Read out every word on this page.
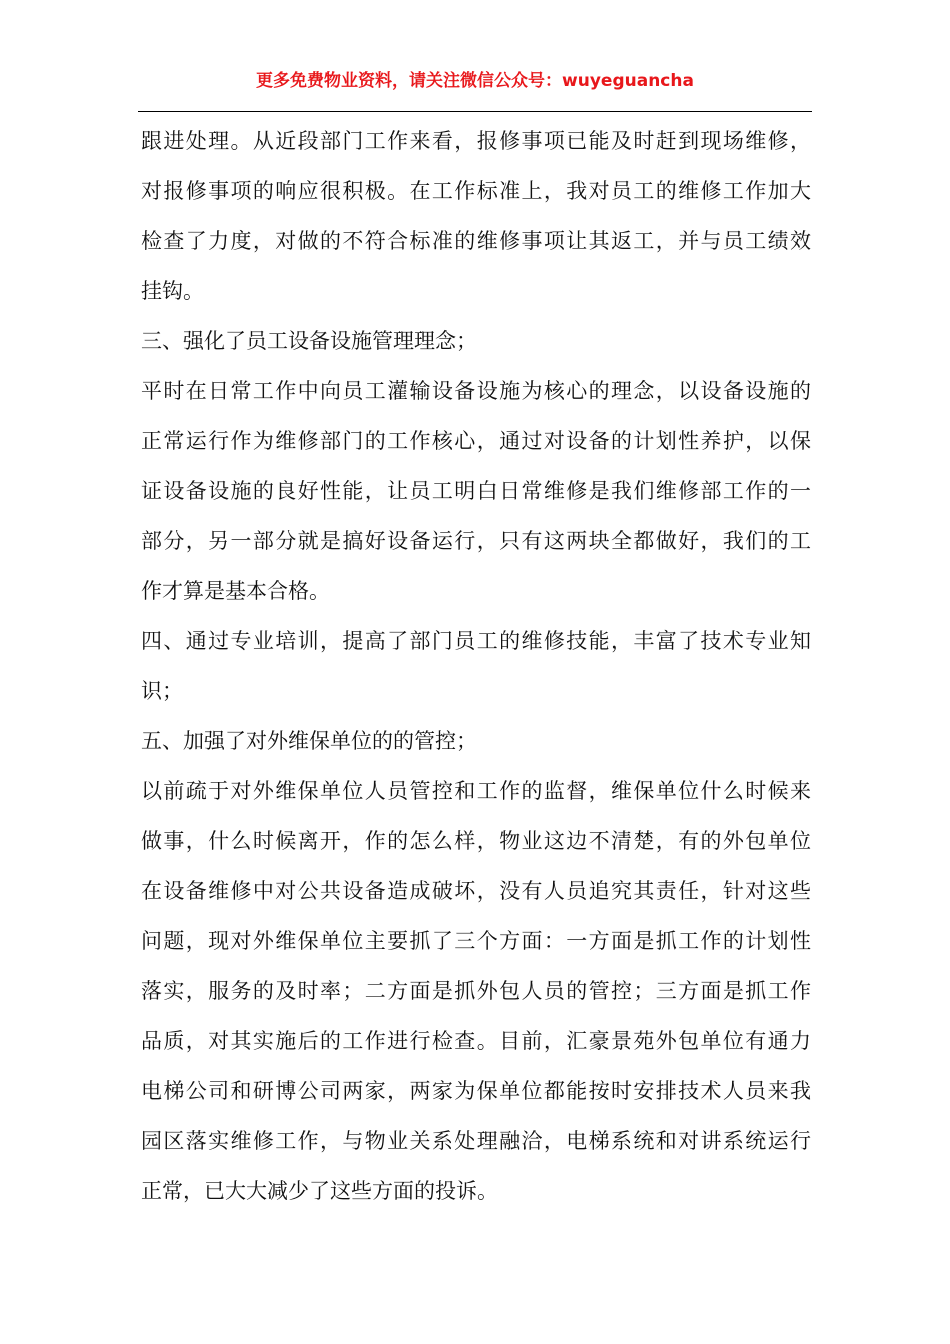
更多免费物业资料，请关注微信公众号：wuyeguancha
跟进处理。从近段部门工作来看，报修事项已能及时赶到现场维修，
对报修事项的响应很积极。在工作标准上，我对员工的维修工作加大
检查了力度，对做的不符合标准的维修事项让其返工，并与员工绩效
挂钩。
三、强化了员工设备设施管理理念；
平时在日常工作中向员工灌输设备设施为核心的理念，以设备设施的
正常运行作为维修部门的工作核心，通过对设备的计划性养护，以保
证设备设施的良好性能，让员工明白日常维修是我们维修部工作的一
部分，另一部分就是搞好设备运行，只有这两块全都做好，我们的工
作才算是基本合格。
四、通过专业培训，提高了部门员工的维修技能，丰富了技术专业知
识；
五、加强了对外维保单位的的管控；
以前疏于对外维保单位人员管控和工作的监督，维保单位什么时候来
做事，什么时候离开，作的怎么样，物业这边不清楚，有的外包单位
在设备维修中对公共设备造成破坏，没有人员追究其责任，针对这些
问题，现对外维保单位主要抓了三个方面：一方面是抓工作的计划性
落实，服务的及时率；二方面是抓外包人员的管控；三方面是抓工作
品质，对其实施后的工作进行检查。目前，汇豪景苑外包单位有通力
电梯公司和研博公司两家，两家为保单位都能按时安排技术人员来我
园区落实维修工作，与物业关系处理融洽，电梯系统和对讲系统运行
正常，已大大减少了这些方面的投诉。
